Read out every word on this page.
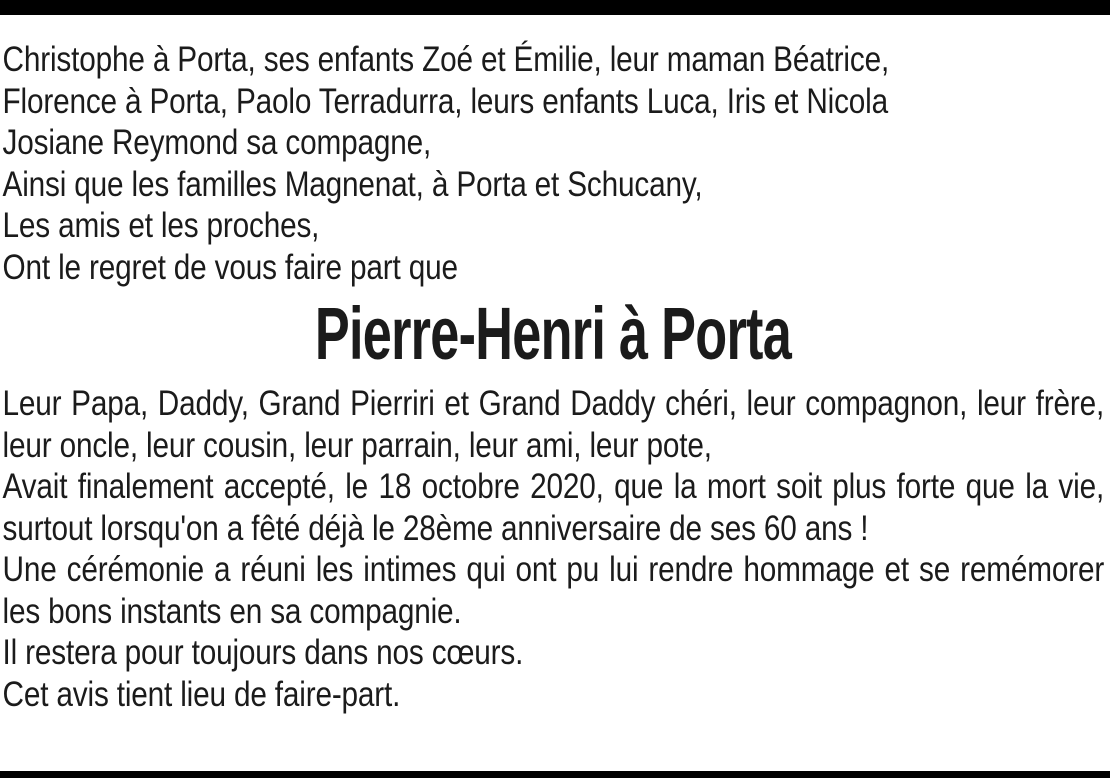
Christophe à Porta, ses enfants Zoé et Émilie, leur maman Béatrice,
Florence à Porta, Paolo Terradurra, leurs enfants Luca, Iris et Nicola
Josiane Reymond sa compagne,
Ainsi que les familles Magnenat, à Porta et Schucany,
Les amis et les proches,
Ont le regret de vous faire part que
Pierre-Henri à Porta

Leur Papa, Daddy, Grand Pierriri et Grand Daddy chéri, leur compagnon, leur frère, leur oncle, leur cousin, leur parrain, leur ami, leur pote,

Avait finalement accepté, le 18 octobre 2020, que la mort soit plus forte que la vie, surtout lorsqu'on a fêté déjà le 28ème anniversaire de ses 60 ans !

Une cérémonie a réuni les intimes qui ont pu lui rendre hommage et se remémorer les bons instants en sa compagnie.

Il restera pour toujours dans nos cœurs.

Cet avis tient lieu de faire-part.
